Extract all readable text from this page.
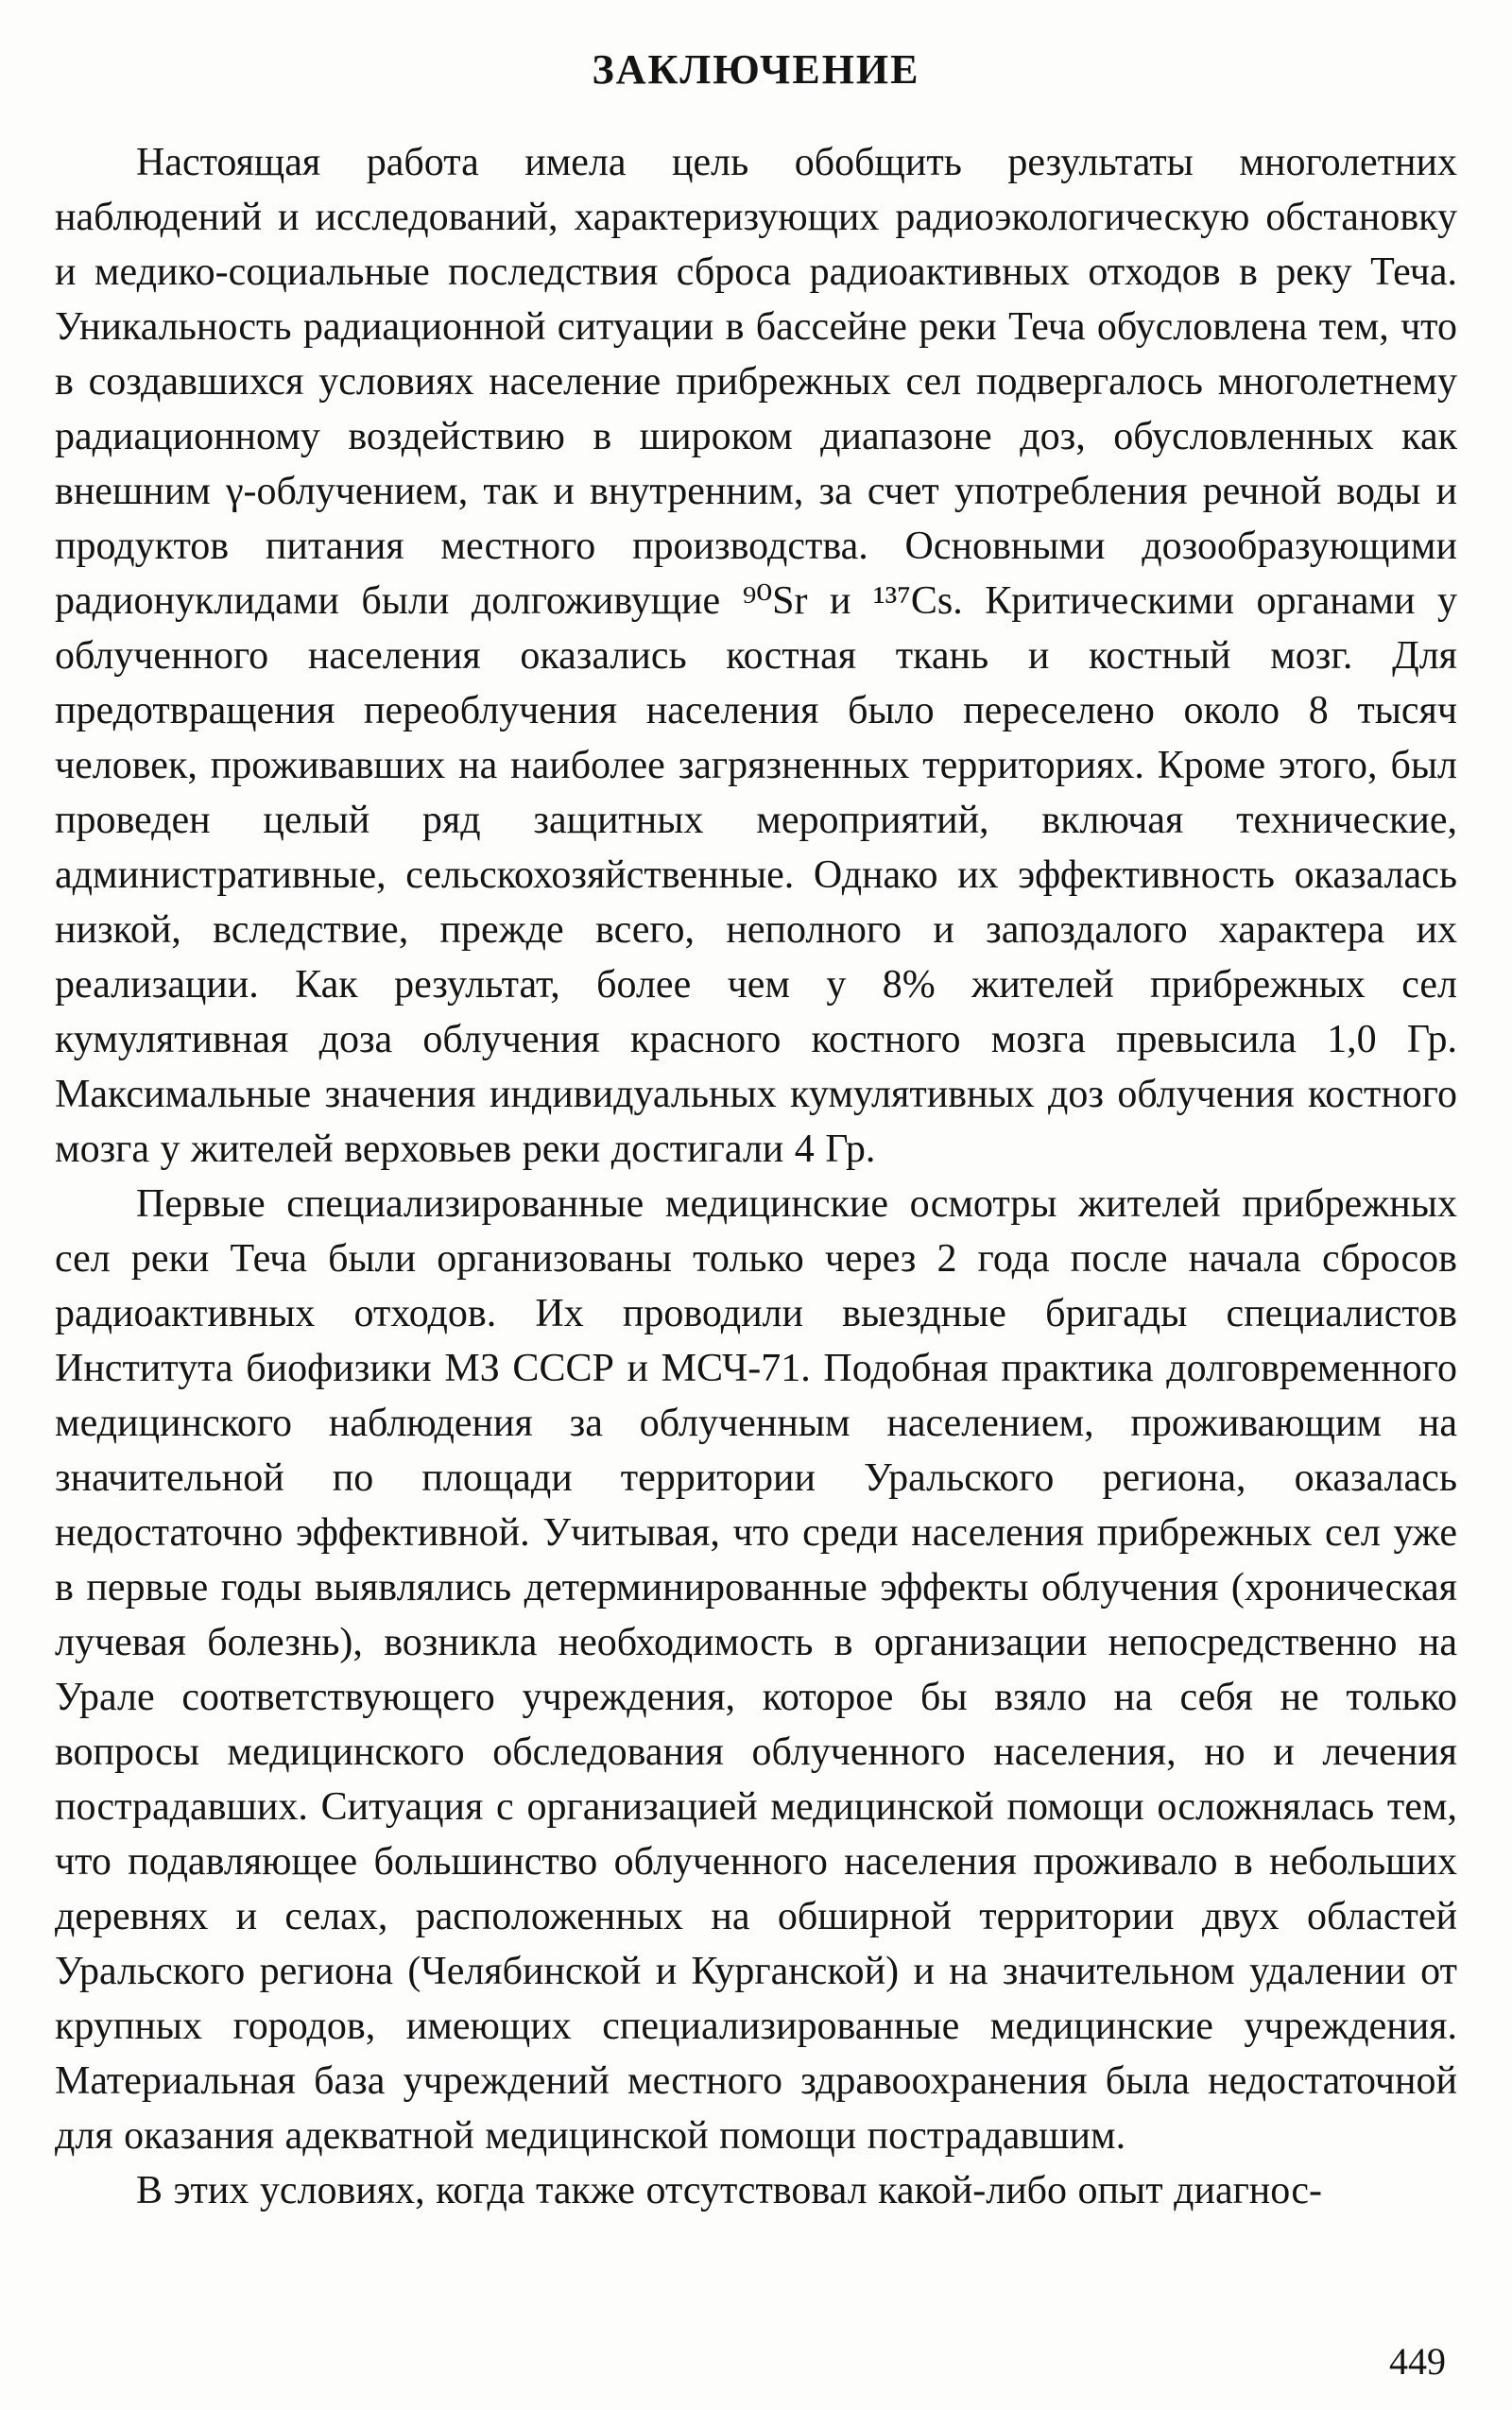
ЗАКЛЮЧЕНИЕ

Настоящая работа имела цель обобщить результаты многолетних наблюдений и исследований, характеризующих радиоэкологическую обстановку и медико-социальные последствия сброса радиоактивных отходов в реку Теча. Уникальность радиационной ситуации в бассейне реки Теча обусловлена тем, что в создавшихся условиях население прибрежных сел подвергалось многолетнему радиационному воздействию в широком диапазоне доз, обусловленных как внешним γ-облучением, так и внутренним, за счет употребления речной воды и продуктов питания местного производства. Основными дозообразующими радионуклидами были долгоживущие ⁹⁰Sr и ¹³⁷Cs. Критическими органами у облученного населения оказались костная ткань и костный мозг. Для предотвращения переоблучения населения было переселено около 8 тысяч человек, проживавших на наиболее загрязненных территориях. Кроме этого, был проведен целый ряд защитных мероприятий, включая технические, административные, сельскохозяйственные. Однако их эффективность оказалась низкой, вследствие, прежде всего, неполного и запоздалого характера их реализации. Как результат, более чем у 8% жителей прибрежных сел кумулятивная доза облучения красного костного мозга превысила 1,0 Гр. Максимальные значения индивидуальных кумулятивных доз облучения костного мозга у жителей верховьев реки достигали 4 Гр.

Первые специализированные медицинские осмотры жителей прибрежных сел реки Теча были организованы только через 2 года после начала сбросов радиоактивных отходов. Их проводили выездные бригады специалистов Института биофизики МЗ СССР и МСЧ-71. Подобная практика долговременного медицинского наблюдения за облученным населением, проживающим на значительной по площади территории Уральского региона, оказалась недостаточно эффективной. Учитывая, что среди населения прибрежных сел уже в первые годы выявлялись детерминированные эффекты облучения (хроническая лучевая болезнь), возникла необходимость в организации непосредственно на Урале соответствующего учреждения, которое бы взяло на себя не только вопросы медицинского обследования облученного населения, но и лечения пострадавших. Ситуация с организацией медицинской помощи осложнялась тем, что подавляющее большинство облученного населения проживало в небольших деревнях и селах, расположенных на обширной территории двух областей Уральского региона (Челябинской и Курганской) и на значительном удалении от крупных городов, имеющих специализированные медицинские учреждения. Материальная база учреждений местного здравоохранения была недостаточной для оказания адекватной медицинской помощи пострадавшим.

В этих условиях, когда также отсутствовал какой-либо опыт диагнос-

449
